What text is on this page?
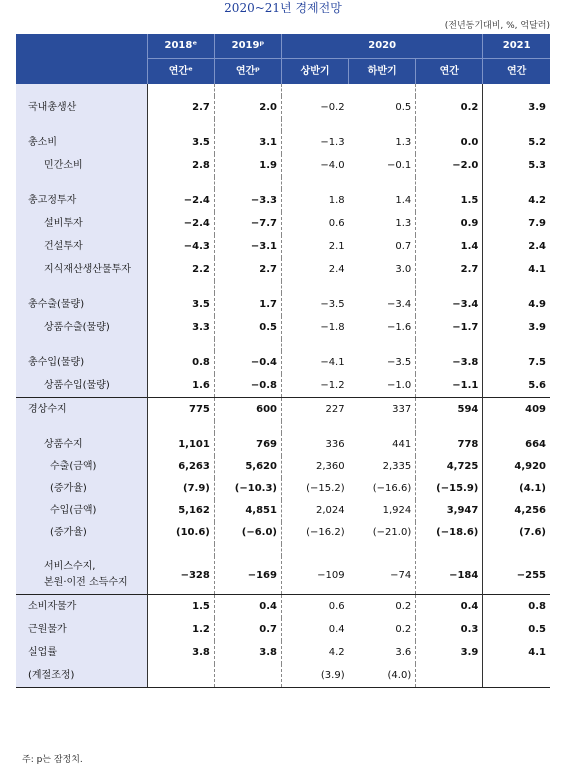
2020~21년 경제전망
(전년동기대비, %, 억달러)
	2018ᵉ	2019ᵖ	2020			2021
	연간ᵉ	연간ᵖ	상반기	하반기	연간	연간

국내총생산	2.7	2.0	−0.2	0.5	0.2	3.9

총소비	3.5	3.1	−1.3	1.3	0.0	5.2
민간소비	2.8	1.9	−4.0	−0.1	−2.0	5.3

총고정투자	−2.4	−3.3	1.8	1.4	1.5	4.2
설비투자	−2.4	−7.7	0.6	1.3	0.9	7.9
건설투자	−4.3	−3.1	2.1	0.7	1.4	2.4
지식재산생산물투자	2.2	2.7	2.4	3.0	2.7	4.1

총수출(물량)	3.5	1.7	−3.5	−3.4	−3.4	4.9
상품수출(물량)	3.3	0.5	−1.8	−1.6	−1.7	3.9

총수입(물량)	0.8	−0.4	−4.1	−3.5	−3.8	7.5
상품수입(물량)	1.6	−0.8	−1.2	−1.0	−1.1	5.6
경상수지	775	600	227	337	594	409

상품수지	1,101	769	336	441	778	664
수출(금액)	6,263	5,620	2,360	2,335	4,725	4,920
(증가율)	(7.9)	(−10.3)	(−15.2)	(−16.6)	(−15.9)	(4.1)
수입(금액)	5,162	4,851	2,024	1,924	3,947	4,256
(증가율)	(10.6)	(−6.0)	(−16.2)	(−21.0)	(−18.6)	(7.6)

서비스수지,
본원·이전 소득수지	−328	−169	−109	−74	−184	−255
소비자물가	1.5	0.4	0.6	0.2	0.4	0.8
근원물가	1.2	0.7	0.4	0.2	0.3	0.5
실업률	3.8	3.8	4.2	3.6	3.9	4.1
(계절조정)			(3.9)	(4.0)		
주: p는 잠정치.
